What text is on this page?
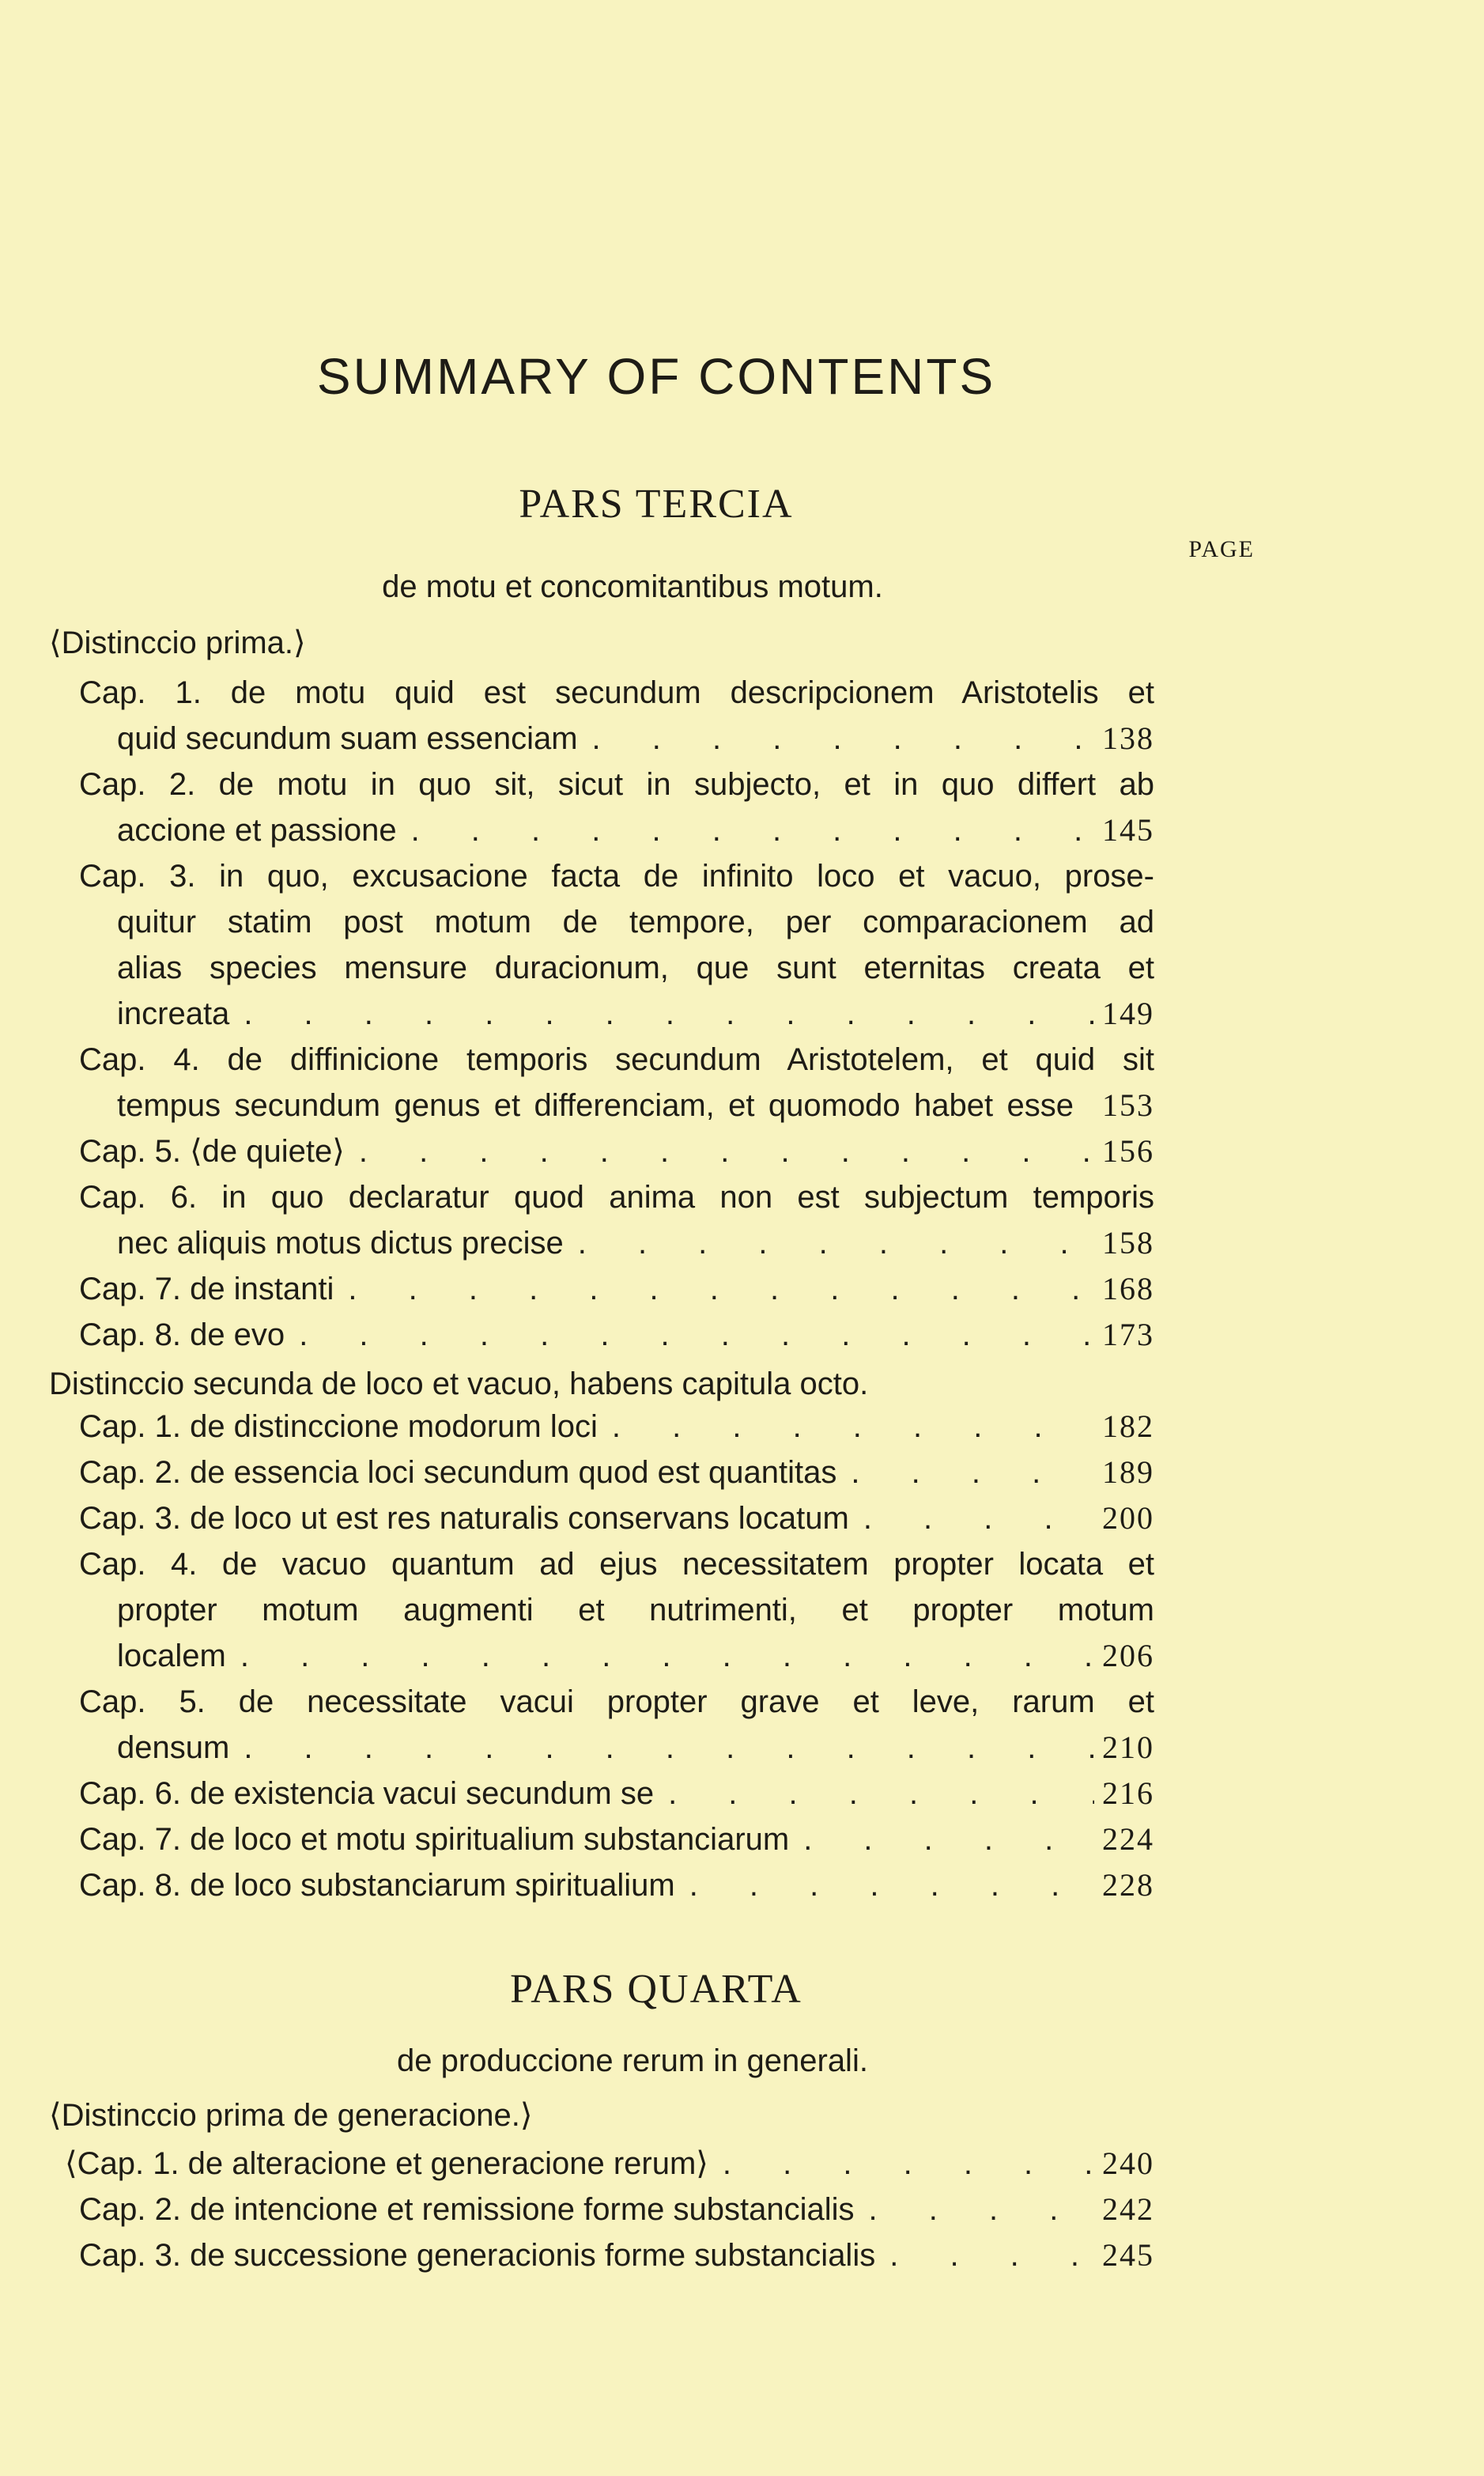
SUMMARY OF CONTENTS
PARS TERCIA
PAGE
de motu et concomitantibus motum.
⟨Distinccio prima.⟩
Cap. 1. de motu quid est secundum descripcionem Aristotelis et
quid secundum suam essenciam . . .	138
Cap. 2. de motu in quo sit, sicut in subjecto, et in quo differt ab
accione et passione . . .	145
Cap. 3. in quo, excusacione facta de infinito loco et vacuo, prose-
quitur statim post motum de tempore, per comparacionem ad
alias species mensure duracionum, que sunt eternitas creata et
increata . . .	149
Cap. 4. de diffinicione temporis secundum Aristotelem, et quid sit
tempus secundum genus et differenciam, et quomodo habet esse 153
Cap. 5. ⟨de quiete⟩ . . .	156
Cap. 6. in quo declaratur quod anima non est subjectum temporis
nec aliquis motus dictus precise . . .	158
Cap. 7. de instanti . . .	168
Cap. 8. de evo . . .	173
Distinccio secunda de loco et vacuo, habens capitula octo.
Cap. 1. de distinccione modorum loci . . .	182
Cap. 2. de essencia loci secundum quod est quantitas . . .	189
Cap. 3. de loco ut est res naturalis conservans locatum . . .	200
Cap. 4. de vacuo quantum ad ejus necessitatem propter locata et
propter motum augmenti et nutrimenti, et propter motum
localem . . .	206
Cap. 5. de necessitate vacui propter grave et leve, rarum et
densum . . .	210
Cap. 6. de existencia vacui secundum se . . .	216
Cap. 7. de loco et motu spiritualium substanciarum . . .	224
Cap. 8. de loco substanciarum spiritualium . . .	228
PARS QUARTA
de produccione rerum in generali.
⟨Distinccio prima de generacione.⟩
⟨Cap. 1. de alteracione et generacione rerum⟩ . . .	240
Cap. 2. de intencione et remissione forme substancialis . . .	242
Cap. 3. de successione generacionis forme substancialis . . .	245
